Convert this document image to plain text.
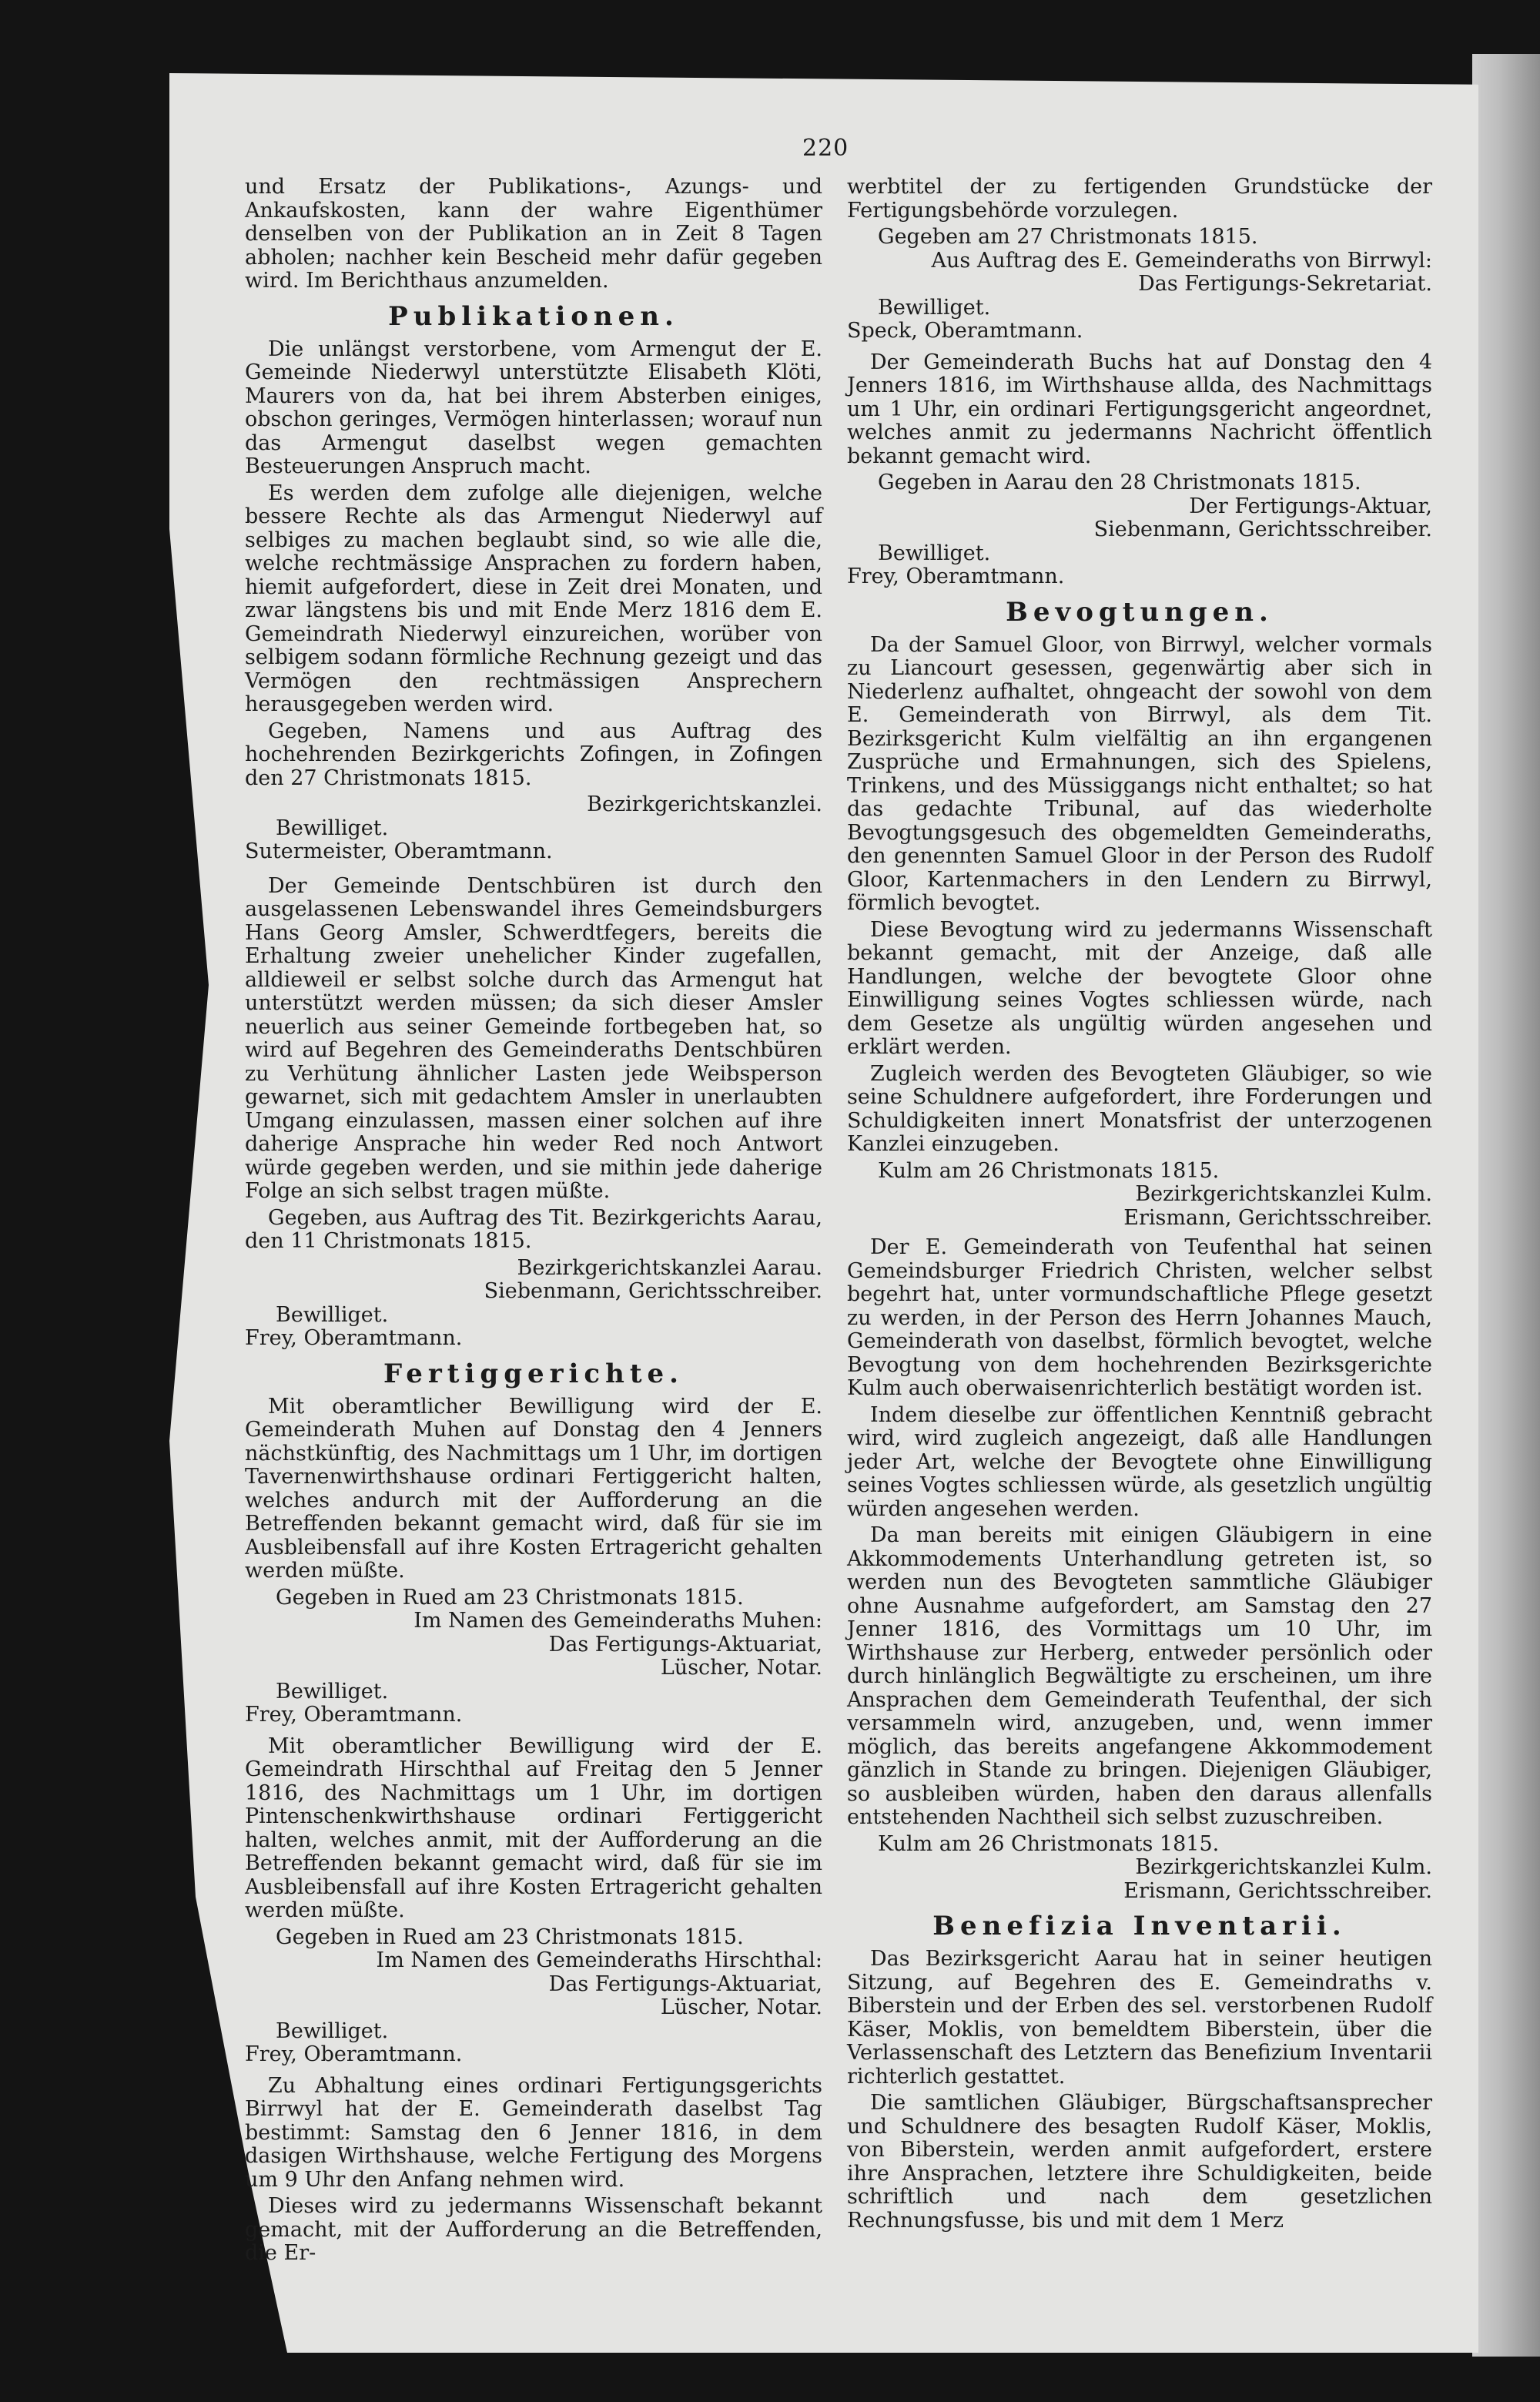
220

und Ersatz der Publikations-, Azungs- und Ankaufskosten, kann der wahre Eigenthümer denselben von der Publikation an in Zeit 8 Tagen abholen; nachher kein Bescheid mehr dafür gegeben wird. Im Berichthaus anzumelden.

Publikationen.

Die unlängst verstorbene, vom Armengut der E. Gemeinde Niederwyl unterstützte Elisabeth Klöti, Maurers von da, hat bei ihrem Absterben einiges, obschon geringes, Vermögen hinterlassen; worauf nun das Armengut daselbst wegen gemachten Besteuerungen Anspruch macht.

Es werden dem zufolge alle diejenigen, welche bessere Rechte als das Armengut Niederwyl auf selbiges zu machen beglaubt sind, so wie alle die, welche rechtmässige Ansprachen zu fordern haben, hiemit aufgefordert, diese in Zeit drei Monaten, und zwar längstens bis und mit Ende Merz 1816 dem E. Gemeindrath Niederwyl einzureichen, worüber von selbigem sodann förmliche Rechnung gezeigt und das Vermögen den rechtmässigen Ansprechern herausgegeben werden wird.

Gegeben, Namens und aus Auftrag des hochehrenden Bezirkgerichts Zofingen, in Zofingen den 27 Christmonats 1815.

Bezirkgerichtskanzlei.
Bewilliget.
Sutermeister, Oberamtmann.

Der Gemeinde Dentschbüren ist durch den ausgelassenen Lebenswandel ihres Gemeindsburgers Hans Georg Amsler, Schwerdtfegers, bereits die Erhaltung zweier unehelicher Kinder zugefallen, alldieweil er selbst solche durch das Armengut hat unterstützt werden müssen; da sich dieser Amsler neuerlich aus seiner Gemeinde fortbegeben hat, so wird auf Begehren des Gemeinderaths Dentschbüren zu Verhütung ähnlicher Lasten jede Weibsperson gewarnet, sich mit gedachtem Amsler in unerlaubten Umgang einzulassen, massen einer solchen auf ihre daherige Ansprache hin weder Red noch Antwort würde gegeben werden, und sie mithin jede daherige Folge an sich selbst tragen müßte.

Gegeben, aus Auftrag des Tit. Bezirkgerichts Aarau, den 11 Christmonats 1815.

Bezirkgerichtskanzlei Aarau.
Siebenmann, Gerichtsschreiber.
Bewilliget.
Frey, Oberamtmann.
Fertiggerichte.

Mit oberamtlicher Bewilligung wird der E. Gemeinderath Muhen auf Donstag den 4 Jenners nächstkünftig, des Nachmittags um 1 Uhr, im dortigen Tavernenwirthshause ordinari Fertiggericht halten, welches andurch mit der Aufforderung an die Betreffenden bekannt gemacht wird, daß für sie im Ausbleibensfall auf ihre Kosten Ertragericht gehalten werden müßte.

Gegeben in Rued am 23 Christmonats 1815.
Im Namen des Gemeinderaths Muhen:
Das Fertigungs-Aktuariat,
Lüscher, Notar.
Bewilliget.
Frey, Oberamtmann.

Mit oberamtlicher Bewilligung wird der E. Gemeindrath Hirschthal auf Freitag den 5 Jenner 1816, des Nachmittags um 1 Uhr, im dortigen Pintenschenkwirthshause ordinari Fertiggericht halten, welches anmit, mit der Aufforderung an die Betreffenden bekannt gemacht wird, daß für sie im Ausbleibensfall auf ihre Kosten Ertragericht gehalten werden müßte.

Gegeben in Rued am 23 Christmonats 1815.
Im Namen des Gemeinderaths Hirschthal:
Das Fertigungs-Aktuariat,
Lüscher, Notar.
Bewilliget.
Frey, Oberamtmann.

Zu Abhaltung eines ordinari Fertigungsgerichts Birrwyl hat der E. Gemeinderath daselbst Tag bestimmt: Samstag den 6 Jenner 1816, in dem dasigen Wirthshause, welche Fertigung des Morgens um 9 Uhr den Anfang nehmen wird.

Dieses wird zu jedermanns Wissenschaft bekannt gemacht, mit der Aufforderung an die Betreffenden, die Er-

werbtitel der zu fertigenden Grundstücke der Fertigungsbehörde vorzulegen.

Gegeben am 27 Christmonats 1815.
Aus Auftrag des E. Gemeinderaths von Birrwyl:
Das Fertigungs-Sekretariat.
Bewilliget.
Speck, Oberamtmann.

Der Gemeinderath Buchs hat auf Donstag den 4 Jenners 1816, im Wirthshause allda, des Nachmittags um 1 Uhr, ein ordinari Fertigungsgericht angeordnet, welches anmit zu jedermanns Nachricht öffentlich bekannt gemacht wird.

Gegeben in Aarau den 28 Christmonats 1815.
Der Fertigungs-Aktuar,
Siebenmann, Gerichtsschreiber.
Bewilliget.
Frey, Oberamtmann.
Bevogtungen.

Da der Samuel Gloor, von Birrwyl, welcher vormals zu Liancourt gesessen, gegenwärtig aber sich in Niederlenz aufhaltet, ohngeacht der sowohl von dem E. Gemeinderath von Birrwyl, als dem Tit. Bezirksgericht Kulm vielfältig an ihn ergangenen Zusprüche und Ermahnungen, sich des Spielens, Trinkens, und des Müssiggangs nicht enthaltet; so hat das gedachte Tribunal, auf das wiederholte Bevogtungsgesuch des obgemeldten Gemeinderaths, den genennten Samuel Gloor in der Person des Rudolf Gloor, Kartenmachers in den Lendern zu Birrwyl, förmlich bevogtet.

Diese Bevogtung wird zu jedermanns Wissenschaft bekannt gemacht, mit der Anzeige, daß alle Handlungen, welche der bevogtete Gloor ohne Einwilligung seines Vogtes schliessen würde, nach dem Gesetze als ungültig würden angesehen und erklärt werden.

Zugleich werden des Bevogteten Gläubiger, so wie seine Schuldnere aufgefordert, ihre Forderungen und Schuldigkeiten innert Monatsfrist der unterzogenen Kanzlei einzugeben.

Kulm am 26 Christmonats 1815.
Bezirkgerichtskanzlei Kulm.
Erismann, Gerichtsschreiber.

Der E. Gemeinderath von Teufenthal hat seinen Gemeindsburger Friedrich Christen, welcher selbst begehrt hat, unter vormundschaftliche Pflege gesetzt zu werden, in der Person des Herrn Johannes Mauch, Gemeinderath von daselbst, förmlich bevogtet, welche Bevogtung von dem hochehrenden Bezirksgerichte Kulm auch oberwaisenrichterlich bestätigt worden ist.

Indem dieselbe zur öffentlichen Kenntniß gebracht wird, wird zugleich angezeigt, daß alle Handlungen jeder Art, welche der Bevogtete ohne Einwilligung seines Vogtes schliessen würde, als gesetzlich ungültig würden angesehen werden.

Da man bereits mit einigen Gläubigern in eine Akkommodements Unterhandlung getreten ist, so werden nun des Bevogteten sammtliche Gläubiger ohne Ausnahme aufgefordert, am Samstag den 27 Jenner 1816, des Vormittags um 10 Uhr, im Wirthshause zur Herberg, entweder persönlich oder durch hinlänglich Begwältigte zu erscheinen, um ihre Ansprachen dem Gemeinderath Teufenthal, der sich versammeln wird, anzugeben, und, wenn immer möglich, das bereits angefangene Akkommodement gänzlich in Stande zu bringen. Diejenigen Gläubiger, so ausbleiben würden, haben den daraus allenfalls entstehenden Nachtheil sich selbst zuzuschreiben.

Kulm am 26 Christmonats 1815.
Bezirkgerichtskanzlei Kulm.
Erismann, Gerichtsschreiber.
Benefizia Inventarii.

Das Bezirksgericht Aarau hat in seiner heutigen Sitzung, auf Begehren des E. Gemeindraths v. Biberstein und der Erben des sel. verstorbenen Rudolf Käser, Moklis, von bemeldtem Biberstein, über die Verlassenschaft des Letztern das Benefizium Inventarii richterlich gestattet.

Die samtlichen Gläubiger, Bürgschaftsansprecher und Schuldnere des besagten Rudolf Käser, Moklis, von Biberstein, werden anmit aufgefordert, erstere ihre Ansprachen, letztere ihre Schuldigkeiten, beide schriftlich und nach dem gesetzlichen Rechnungsfusse, bis und mit dem 1 Merz
